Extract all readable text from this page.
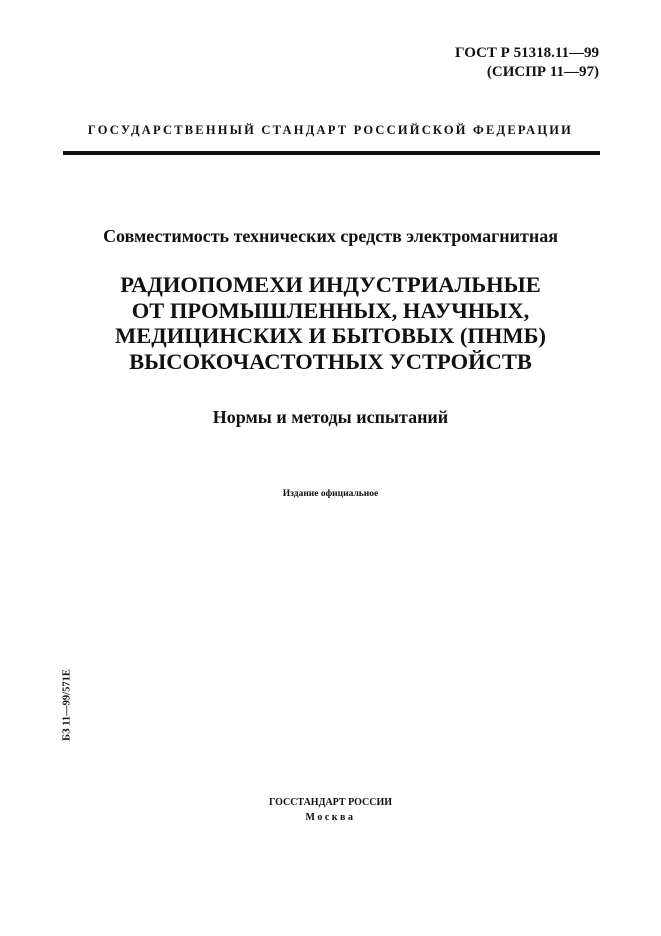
ГОСТ Р 51318.11—99
(СИСПР 11—97)
ГОСУДАРСТВЕННЫЙ СТАНДАРТ РОССИЙСКОЙ ФЕДЕРАЦИИ
Совместимость технических средств электромагнитная
РАДИОПОМЕХИ ИНДУСТРИАЛЬНЫЕ
ОТ ПРОМЫШЛЕННЫХ, НАУЧНЫХ,
МЕДИЦИНСКИХ И БЫТОВЫХ (ПНМБ)
ВЫСОКОЧАСТОТНЫХ УСТРОЙСТВ
Нормы и методы испытаний
Издание официальное
БЗ 11—99/571Е
ГОССТАНДАРТ РОССИИ
Москва
